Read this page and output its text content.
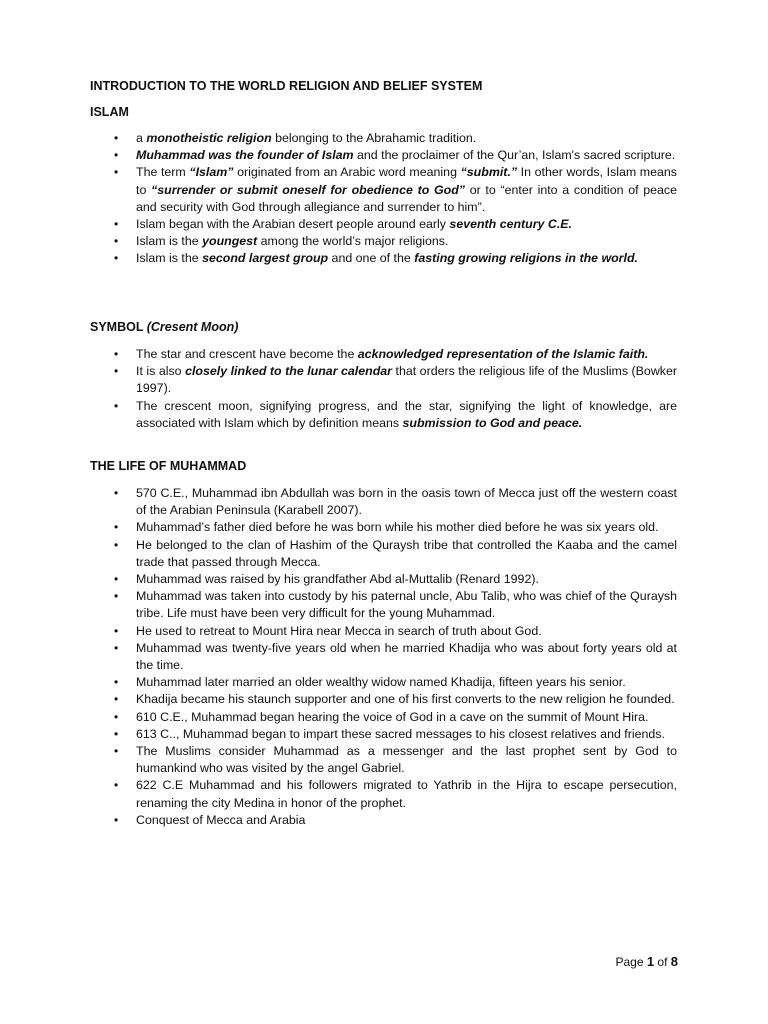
INTRODUCTION TO THE WORLD RELIGION AND BELIEF SYSTEM
ISLAM
•	a monotheistic religion belonging to the Abrahamic tradition.
•	Muhammad was the founder of Islam and the proclaimer of the Qur’an, Islam's sacred scripture.
•	The term “Islam” originated from an Arabic word meaning “submit.” In other words, Islam means to “surrender or submit oneself for obedience to God” or to “enter into a condition of peace and security with God through allegiance and surrender to him”.
•	Islam began with the Arabian desert people around early seventh century C.E.
•	Islam is the youngest among the world’s major religions.
•	Islam is the second largest group and one of the fasting growing religions in the world.
SYMBOL (Cresent Moon)
•	The star and crescent have become the acknowledged representation of the Islamic faith.
•	It is also closely linked to the lunar calendar that orders the religious life of the Muslims (Bowker 1997).
•	The crescent moon, signifying progress, and the star, signifying the light of knowledge, are associated with Islam which by definition means submission to God and peace.
THE LIFE OF MUHAMMAD
•	570 C.E., Muhammad ibn Abdullah was born in the oasis town of Mecca just off the western coast of the Arabian Peninsula (Karabell 2007).
•	Muhammad’s father died before he was born while his mother died before he was six years old.
•	He belonged to the clan of Hashim of the Quraysh tribe that controlled the Kaaba and the camel trade that passed through Mecca.
•	Muhammad was raised by his grandfather Abd al-Muttalib (Renard 1992).
•	Muhammad was taken into custody by his paternal uncle, Abu Talib, who was chief of the Quraysh tribe. Life must have been very difficult for the young Muhammad.
•	He used to retreat to Mount Hira near Mecca in search of truth about God.
•	Muhammad was twenty-five years old when he married Khadija who was about forty years old at the time.
•	Muhammad later married an older wealthy widow named Khadija, fifteen years his senior.
•	Khadija became his staunch supporter and one of his first converts to the new religion he founded.
•	610 C.E., Muhammad began hearing the voice of God in a cave on the summit of Mount Hira.
•	613 C.., Muhammad began to impart these sacred messages to his closest relatives and friends.
•	The Muslims consider Muhammad as a messenger and the last prophet sent by God to humankind who was visited by the angel Gabriel.
•	622 C.E Muhammad and his followers migrated to Yathrib in the Hijra to escape persecution, renaming the city Medina in honor of the prophet.
•	Conquest of Mecca and Arabia
Page 1 of 8
